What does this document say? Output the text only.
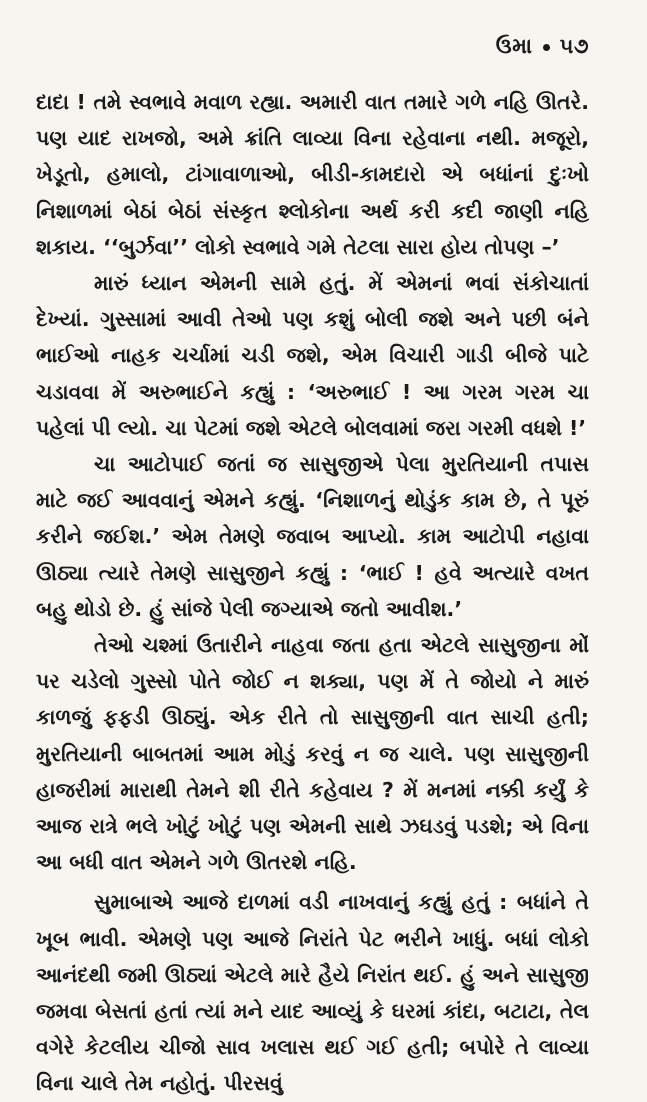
ઉમા ૫૭

દાદા ! તમે સ્વભાવે મવાળ રહ્યા. અમારી વાત તમારે ગળે નહિ ઊતરે. પણ યાદ રાખજો, અમે ક્રાંતિ લાવ્યા વિના રહેવાના નથી. મજૂરો, ખેડૂતો, હમાલો, ટાંગાવાળાઓ, બીડી-કામદારો એ બધાંનાં દુઃખો નિશાળમાં બેઠાં બેઠાં સંસ્કૃત શ્લોકોના અર્થ કરી કદી જાણી નહિ શકાય. ‘‘બુર્ઝવા’’ લોકો સ્વભાવે ગમે તેટલા સારા હોય તોપણ –’

મારું ધ્યાન એમની સામે હતું. મેં એમનાં ભવાં સંકોચાતાં દેખ્યાં. ગુસ્સામાં આવી તેઓ પણ કશું બોલી જશે અને પછી બંને ભાઈઓ નાહક ચર્ચામાં ચડી જશે, એમ વિચારી ગાડી બીજે પાટે ચડાવવા મેં અરુભાઈને કહ્યું : ‘અરુભાઈ ! આ ગરમ ગરમ ચા પહેલાં પી લ્યો. ચા પેટમાં જશે એટલે બોલવામાં જરા ગરમી વધશે !’

ચા આટોપાઈ જતાં જ સાસુજીએ પેલા મુરતિયાની તપાસ માટે જઈ આવવાનું એમને કહ્યું. ‘નિશાળનું થોડુંક કામ છે, તે પૂરું કરીને જઈશ.’ એમ તેમણે જવાબ આપ્યો. કામ આટોપી નહાવા ઊઠ્યા ત્યારે તેમણે સાસુજીને કહ્યું : ‘ભાઈ ! હવે અત્યારે વખત બહુ થોડો છે. હું સાંજે પેલી જગ્યાએ જતો આવીશ.’

તેઓ ચશ્માં ઉતારીને નાહવા જતા હતા એટલે સાસુજીના મોં પર ચડેલો ગુસ્સો પોતે જોઈ ન શક્યા, પણ મેં તે જોયો ને મારું કાળજું ફફડી ઊઠ્યું. એક રીતે તો સાસુજીની વાત સાચી હતી; મુરતિયાની બાબતમાં આમ મોડું કરવું ન જ ચાલે. પણ સાસુજીની હાજરીમાં મારાથી તેમને શી રીતે કહેવાય ? મેં મનમાં નક્કી કર્યું કે આજ રાત્રે ભલે ખોટું ખોટું પણ એમની સાથે ઝઘડવું પડશે; એ વિના આ બધી વાત એમને ગળે ઊતરશે નહિ.

સુમાબાએ આજે દાળમાં વડી નાખવાનું કહ્યું હતું : બધાંને તે ખૂબ ભાવી. એમણે પણ આજે નિરાંતે પેટ ભરીને ખાધું. બધાં લોકો આનંદથી જમી ઊઠ્યાં એટલે મારે હૈયે નિરાંત થઈ. હું અને સાસુજી જમવા બેસતાં હતાં ત્યાં મને યાદ આવ્યું કે ઘરમાં કાંદા, બટાટા, તેલ વગેરે કેટલીય ચીજો સાવ ખલાસ થઈ ગઈ હતી; બપોરે તે લાવ્યા વિના ચાલે તેમ નહોતું. પીરસવું
